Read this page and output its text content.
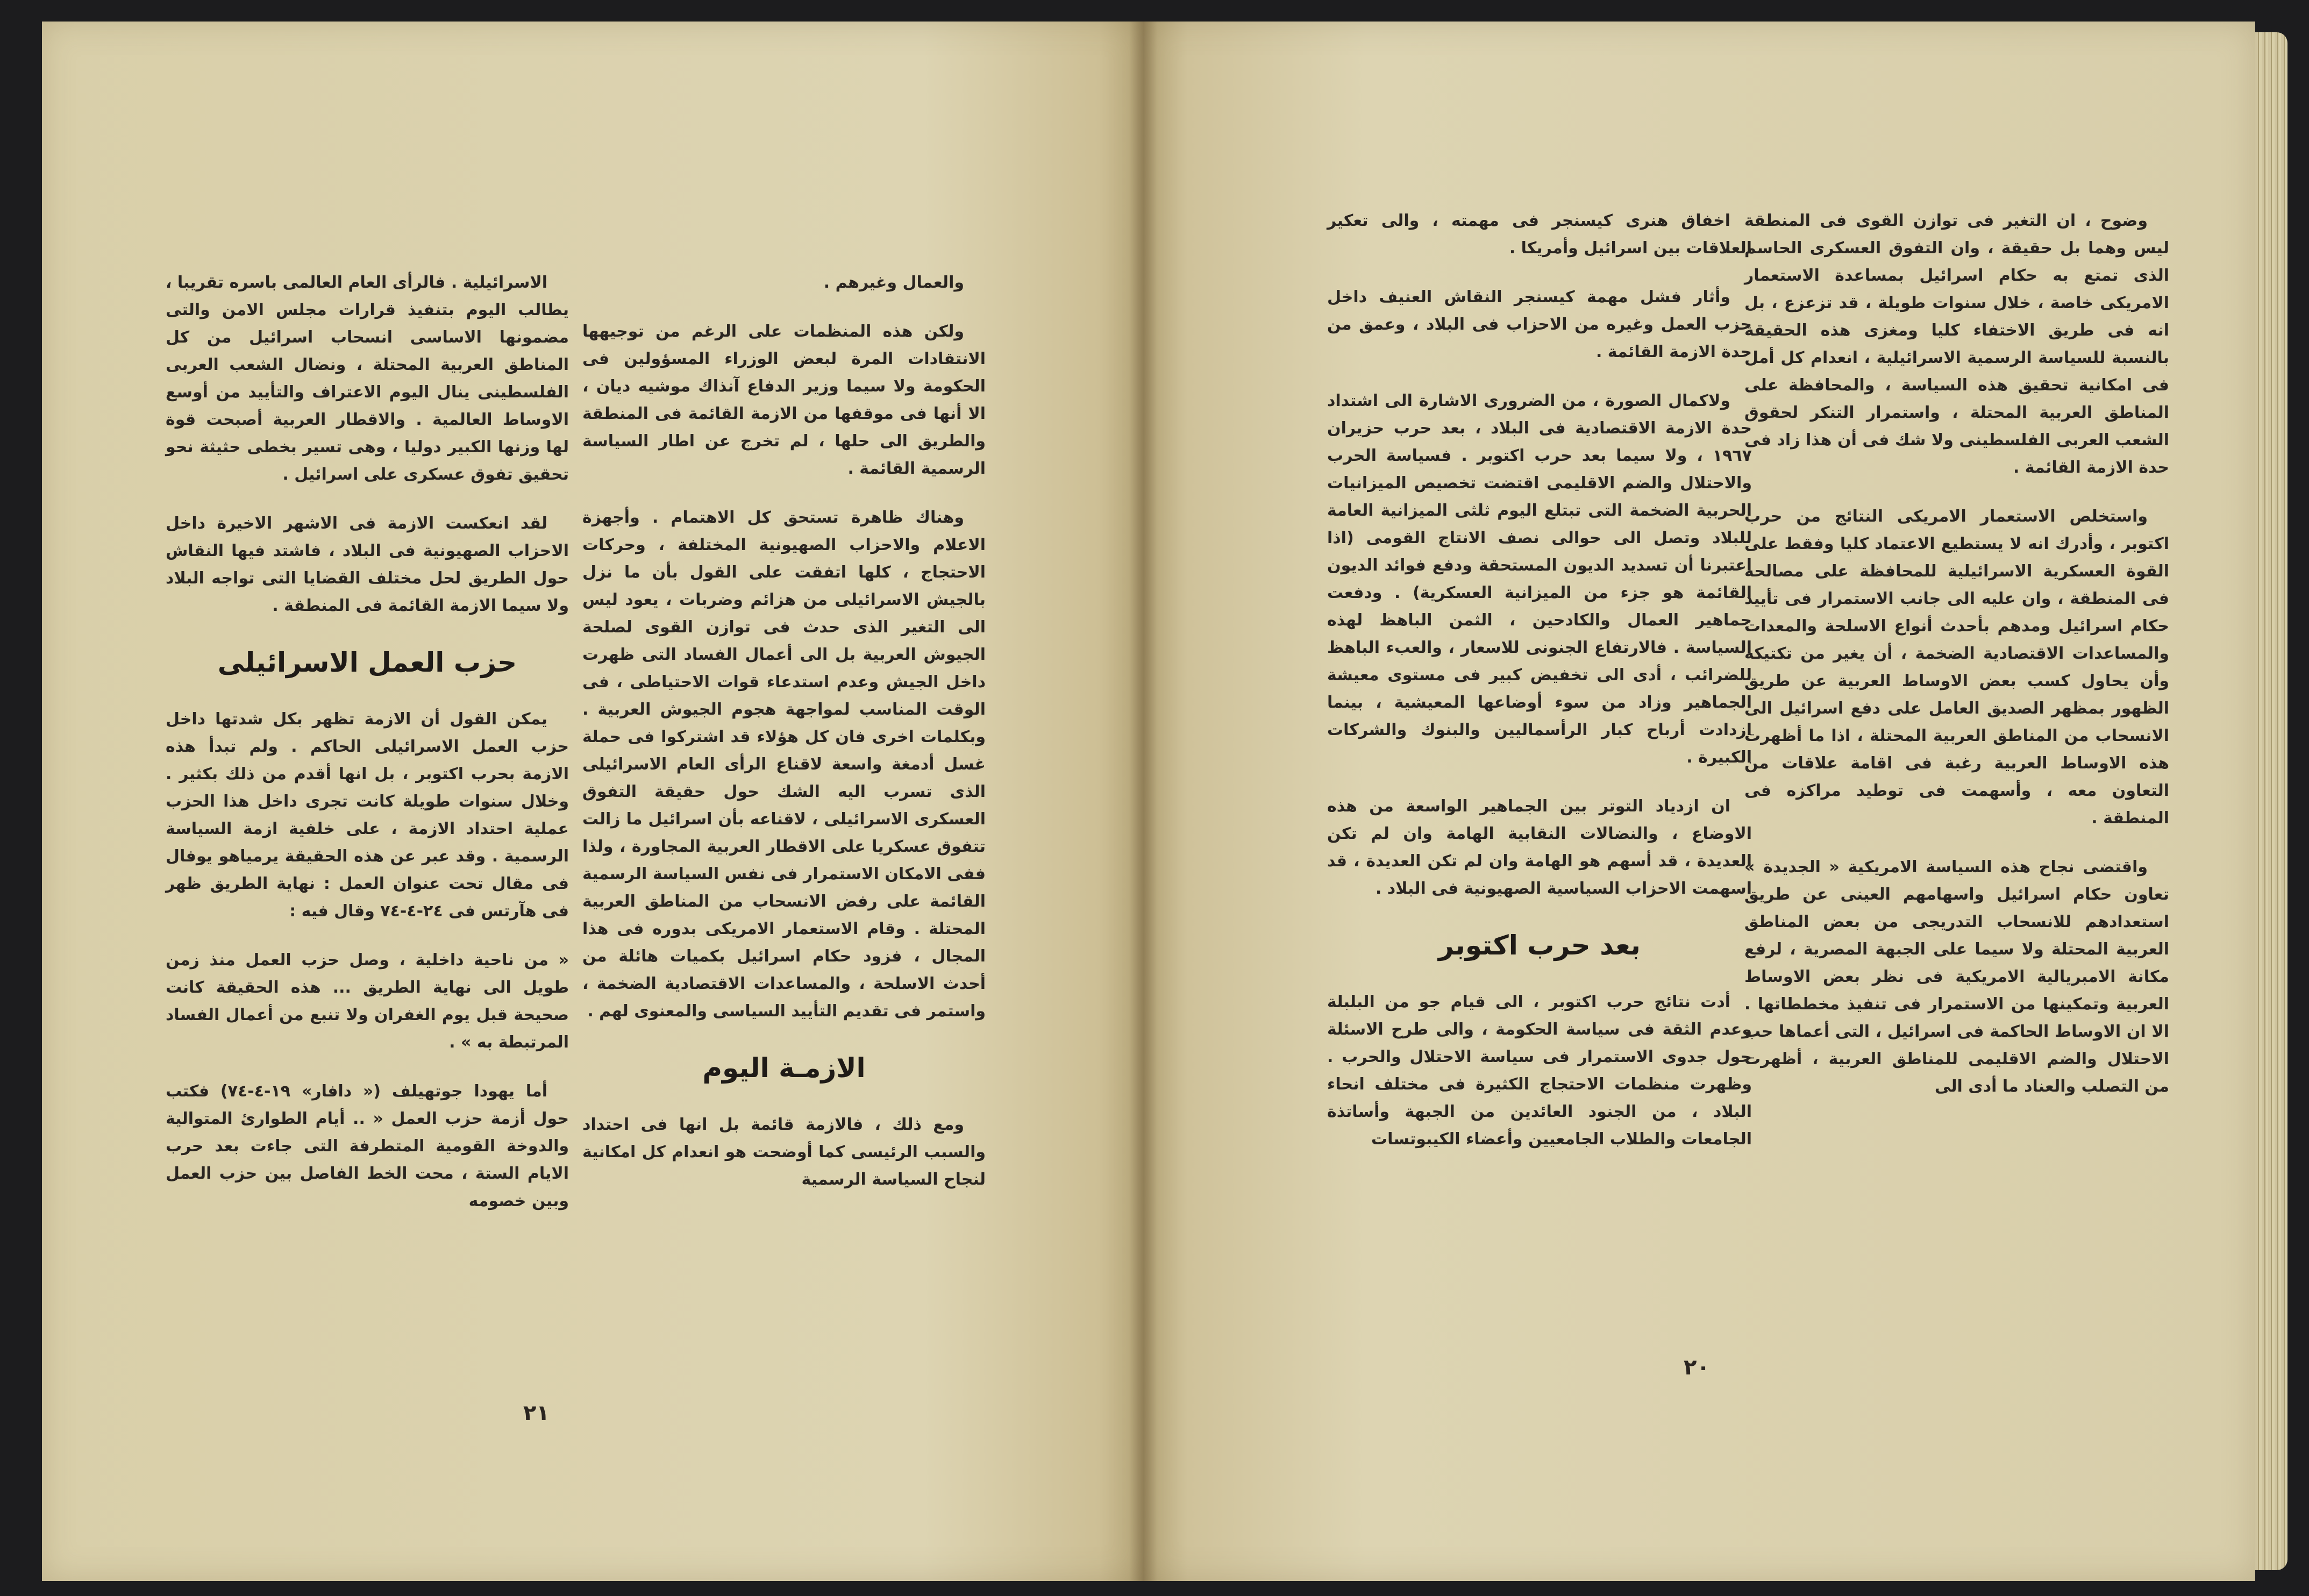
الاسرائيلية . فالرأى العام العالمى باسره تقريبا ، يطالب اليوم بتنفيذ قرارات مجلس الامن والتى مضمونها الاساسى انسحاب اسرائيل من كل المناطق العربية المحتلة ، ونضال الشعب العربى الفلسطينى ينال اليوم الاعتراف والتأييد من أوسع الاوساط العالمية . والاقطار العربية أصبحت قوة لها وزنها الكبير دوليا ، وهى تسير بخطى حثيثة نحو تحقيق تفوق عسكرى على اسرائيل .

لقد انعكست الازمة فى الاشهر الاخيرة داخل الاحزاب الصهيونية فى البلاد ، فاشتد فيها النقاش حول الطريق لحل مختلف القضايا التى تواجه البلاد ولا سيما الازمة القائمة فى المنطقة .

حزب العمل الاسرائيلى

يمكن القول أن الازمة تظهر بكل شدتها داخل حزب العمل الاسرائيلى الحاكم . ولم تبدأ هذه الازمة بحرب اكتوبر ، بل انها أقدم من ذلك بكثير . وخلال سنوات طويلة كانت تجرى داخل هذا الحزب عملية احتداد الازمة ، على خلفية ازمة السياسة الرسمية . وقد عبر عن هذه الحقيقة يرمياهو يوفال فى مقال تحت عنوان العمل : نهاية الطريق ظهر فى هآرتس فى ٢٤-٤-٧٤ وقال فيه :

« من ناحية داخلية ، وصل حزب العمل منذ زمن طويل الى نهاية الطريق ... هذه الحقيقة كانت صحيحة قبل يوم الغفران ولا تنبع من أعمال الفساد المرتبطة به » .

أما يهودا جوتهيلف (« دافار» ١٩-٤-٧٤) فكتب حول أزمة حزب العمل « .. أيام الطوارئ المتوالية والدوخة القومية المتطرفة التى جاءت بعد حرب الايام الستة ، محت الخط الفاصل بين حزب العمل وبين خصومه

والعمال وغيرهم .

ولكن هذه المنظمات على الرغم من توجيهها الانتقادات المرة لبعض الوزراء المسؤولين فى الحكومة ولا سيما وزير الدفاع آنذاك موشيه ديان ، الا أنها فى موقفها من الازمة القائمة فى المنطقة والطريق الى حلها ، لم تخرج عن اطار السياسة الرسمية القائمة .

وهناك ظاهرة تستحق كل الاهتمام . وأجهزة الاعلام والاحزاب الصهيونية المختلفة ، وحركات الاحتجاج ، كلها اتفقت على القول بأن ما نزل بالجيش الاسرائيلى من هزائم وضربات ، يعود ليس الى التغير الذى حدث فى توازن القوى لصلحة الجيوش العربية بل الى أعمال الفساد التى ظهرت داخل الجيش وعدم استدعاء قوات الاحتياطى ، فى الوقت المناسب لمواجهة هجوم الجيوش العربية . وبكلمات اخرى فان كل هؤلاء قد اشتركوا فى حملة غسل أدمغة واسعة لاقناع الرأى العام الاسرائيلى الذى تسرب اليه الشك حول حقيقة التفوق العسكرى الاسرائيلى ، لاقناعه بأن اسرائيل ما زالت تتفوق عسكريا على الاقطار العربية المجاورة ، ولذا ففى الامكان الاستمرار فى نفس السياسة الرسمية القائمة على رفض الانسحاب من المناطق العربية المحتلة . وقام الاستعمار الامريكى بدوره فى هذا المجال ، فزود حكام اسرائيل بكميات هائلة من أحدث الاسلحة ، والمساعدات الاقتصادية الضخمة ، واستمر فى تقديم التأييد السياسى والمعنوى لهم .

الازمـة اليوم

ومع ذلك ، فالازمة قائمة بل انها فى احتداد والسبب الرئيسى كما أوضحت هو انعدام كل امكانية لنجاح السياسة الرسمية

٢١

اخفاق هنرى كيسنجر فى مهمته ، والى تعكير العلاقات بين اسرائيل وأمريكا .

وأثار فشل مهمة كيسنجر النقاش العنيف داخل حزب العمل وغيره من الاحزاب فى البلاد ، وعمق من حدة الازمة القائمة .

ولاكمال الصورة ، من الضرورى الاشارة الى اشتداد حدة الازمة الاقتصادية فى البلاد ، بعد حرب حزيران ١٩٦٧ ، ولا سيما بعد حرب اكتوبر . فسياسة الحرب والاحتلال والضم الاقليمى اقتضت تخصيص الميزانيات الحربية الضخمة التى تبتلع اليوم ثلثى الميزانية العامة للبلاد وتصل الى حوالى نصف الانتاج القومى (اذا اعتبرنا أن تسديد الديون المستحقة ودفع فوائد الديون القائمة هو جزء من الميزانية العسكرية) . ودفعت جماهير العمال والكادحين ، الثمن الباهظ لهذه السياسة . فالارتفاع الجنونى للاسعار ، والعبء الباهظ للضرائب ، أدى الى تخفيض كبير فى مستوى معيشة الجماهير وزاد من سوء أوضاعها المعيشية ، بينما ازدادت أرباح كبار الرأسماليين والبنوك والشركات الكبيرة .

ان ازدياد التوتر بين الجماهير الواسعة من هذه الاوضاع ، والنضالات النقابية الهامة وان لم تكن العديدة ، قد أسهم هو الهامة وان لم تكن العديدة ، قد اسهمت الاحزاب السياسية الصهيونية فى البلاد .

بعد حرب اكتوبر

أدت نتائج حرب اكتوبر ، الى قيام جو من البلبلة وعدم الثقة فى سياسة الحكومة ، والى طرح الاسئلة حول جدوى الاستمرار فى سياسة الاحتلال والحرب . وظهرت منظمات الاحتجاج الكثيرة فى مختلف انحاء البلاد ، من الجنود العائدين من الجبهة وأساتذة الجامعات والطلاب الجامعيين وأعضاء الكيبوتسات

وضوح ، ان التغير فى توازن القوى فى المنطقة ليس وهما بل حقيقة ، وان التفوق العسكرى الحاسم الذى تمتع به حكام اسرائيل بمساعدة الاستعمار الامريكى خاصة ، خلال سنوات طويلة ، قد تزعزع ، بل انه فى طريق الاختفاء كليا ومغزى هذه الحقيقة بالنسبة للسياسة الرسمية الاسرائيلية ، انعدام كل أمل فى امكانية تحقيق هذه السياسة ، والمحافظة على المناطق العربية المحتلة ، واستمرار التنكر لحقوق الشعب العربى الفلسطينى ولا شك فى أن هذا زاد فى حدة الازمة القائمة .

واستخلص الاستعمار الامريكى النتائج من حرب اكتوبر ، وأدرك انه لا يستطيع الاعتماد كليا وفقط على القوة العسكرية الاسرائيلية للمحافظة على مصالحه فى المنطقة ، وان عليه الى جانب الاستمرار فى تأييد حكام اسرائيل ومدهم بأحدث أنواع الاسلحة والمعدات والمساعدات الاقتصادية الضخمة ، أن يغير من تكتيكه وأن يحاول كسب بعض الاوساط العربية عن طريق الظهور بمظهر الصديق العامل على دفع اسرائيل الى الانسحاب من المناطق العربية المحتلة ، اذا ما أظهرت هذه الاوساط العربية رغبة فى اقامة علاقات من التعاون معه ، وأسهمت فى توطيد مراكزه فى المنطقة .

واقتضى نجاح هذه السياسة الامريكية « الجديدة » تعاون حكام اسرائيل واسهامهم العينى عن طريق استعدادهم للانسحاب التدريجى من بعض المناطق العربية المحتلة ولا سيما على الجبهة المصرية ، لرفع مكانة الامبريالية الامريكية فى نظر بعض الاوساط العربية وتمكينها من الاستمرار فى تنفيذ مخططاتها . الا ان الاوساط الحاكمة فى اسرائيل ، التى أعماها حب الاحتلال والضم الاقليمى للمناطق العربية ، أظهرت من التصلب والعناد ما أدى الى

٢٠
